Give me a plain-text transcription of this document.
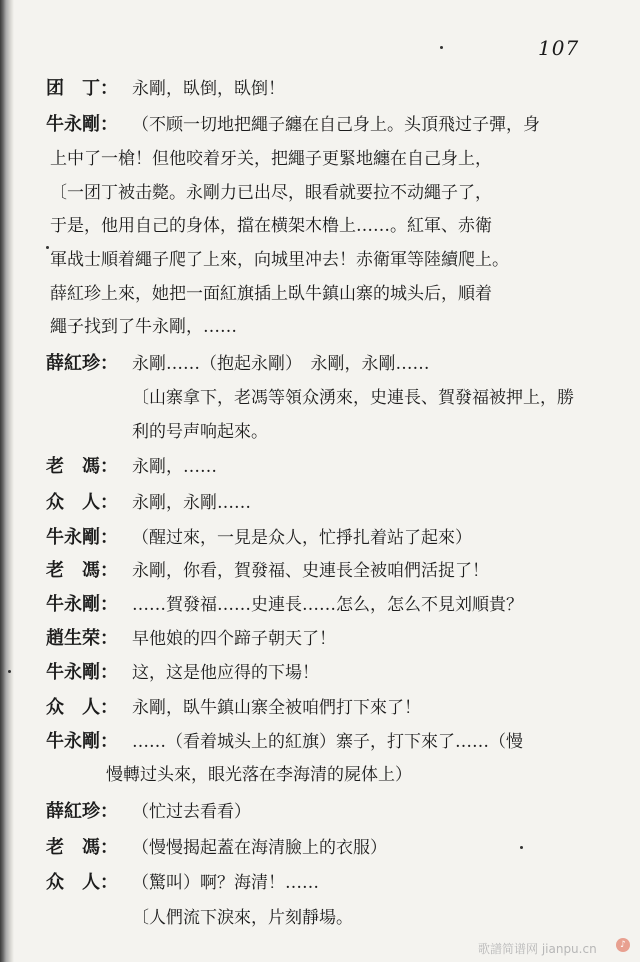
107
团　丁： 永剛，臥倒，臥倒！
牛永剛： （不顾一切地把繩子纏在自己身上。头頂飛过子彈，身
上中了一槍！但他咬着牙关，把繩子更緊地纏在自己身上，
〔一团丁被击斃。永剛力已出尽，眼看就要拉不动繩子了，
于是，他用自己的身体，擋在横架木橹上……。紅軍、赤衛
軍战士順着繩子爬了上來，向城里冲去！赤衛軍等陸續爬上。
薛紅珍上來，她把一面紅旗插上臥牛鎮山寨的城头后，順着
繩子找到了牛永剛，……
薛紅珍： 永剛……（抱起永剛）　永剛，永剛……
〔山寨拿下，老馮等領众湧來，史連長、賀發福被押上，勝
利的号声响起來。
老　馮： 永剛，……
众　人： 永剛，永剛……
牛永剛： （醒过來，一見是众人，忙掙扎着站了起來）
老　馮： 永剛，你看，賀發福、史連長全被咱們活捉了！
牛永剛： ……賀發福……史連長……怎么，怎么不見刘順貴？
趙生荣： 早他娘的四个蹄子朝天了！
牛永剛： 这，这是他应得的下場！
众　人： 永剛，臥牛鎮山寨全被咱們打下來了！
牛永剛： ……（看着城头上的紅旗）寨子，打下來了……（慢
慢轉过头來，眼光落在李海清的屍体上）
薛紅珍： （忙过去看看）
老　馮： （慢慢揭起蓋在海清臉上的衣服）
众　人： （驚叫）啊？海清！……
〔人們流下淚來，片刻靜場。
歌譜简谱网 jianpu.cn	♪
